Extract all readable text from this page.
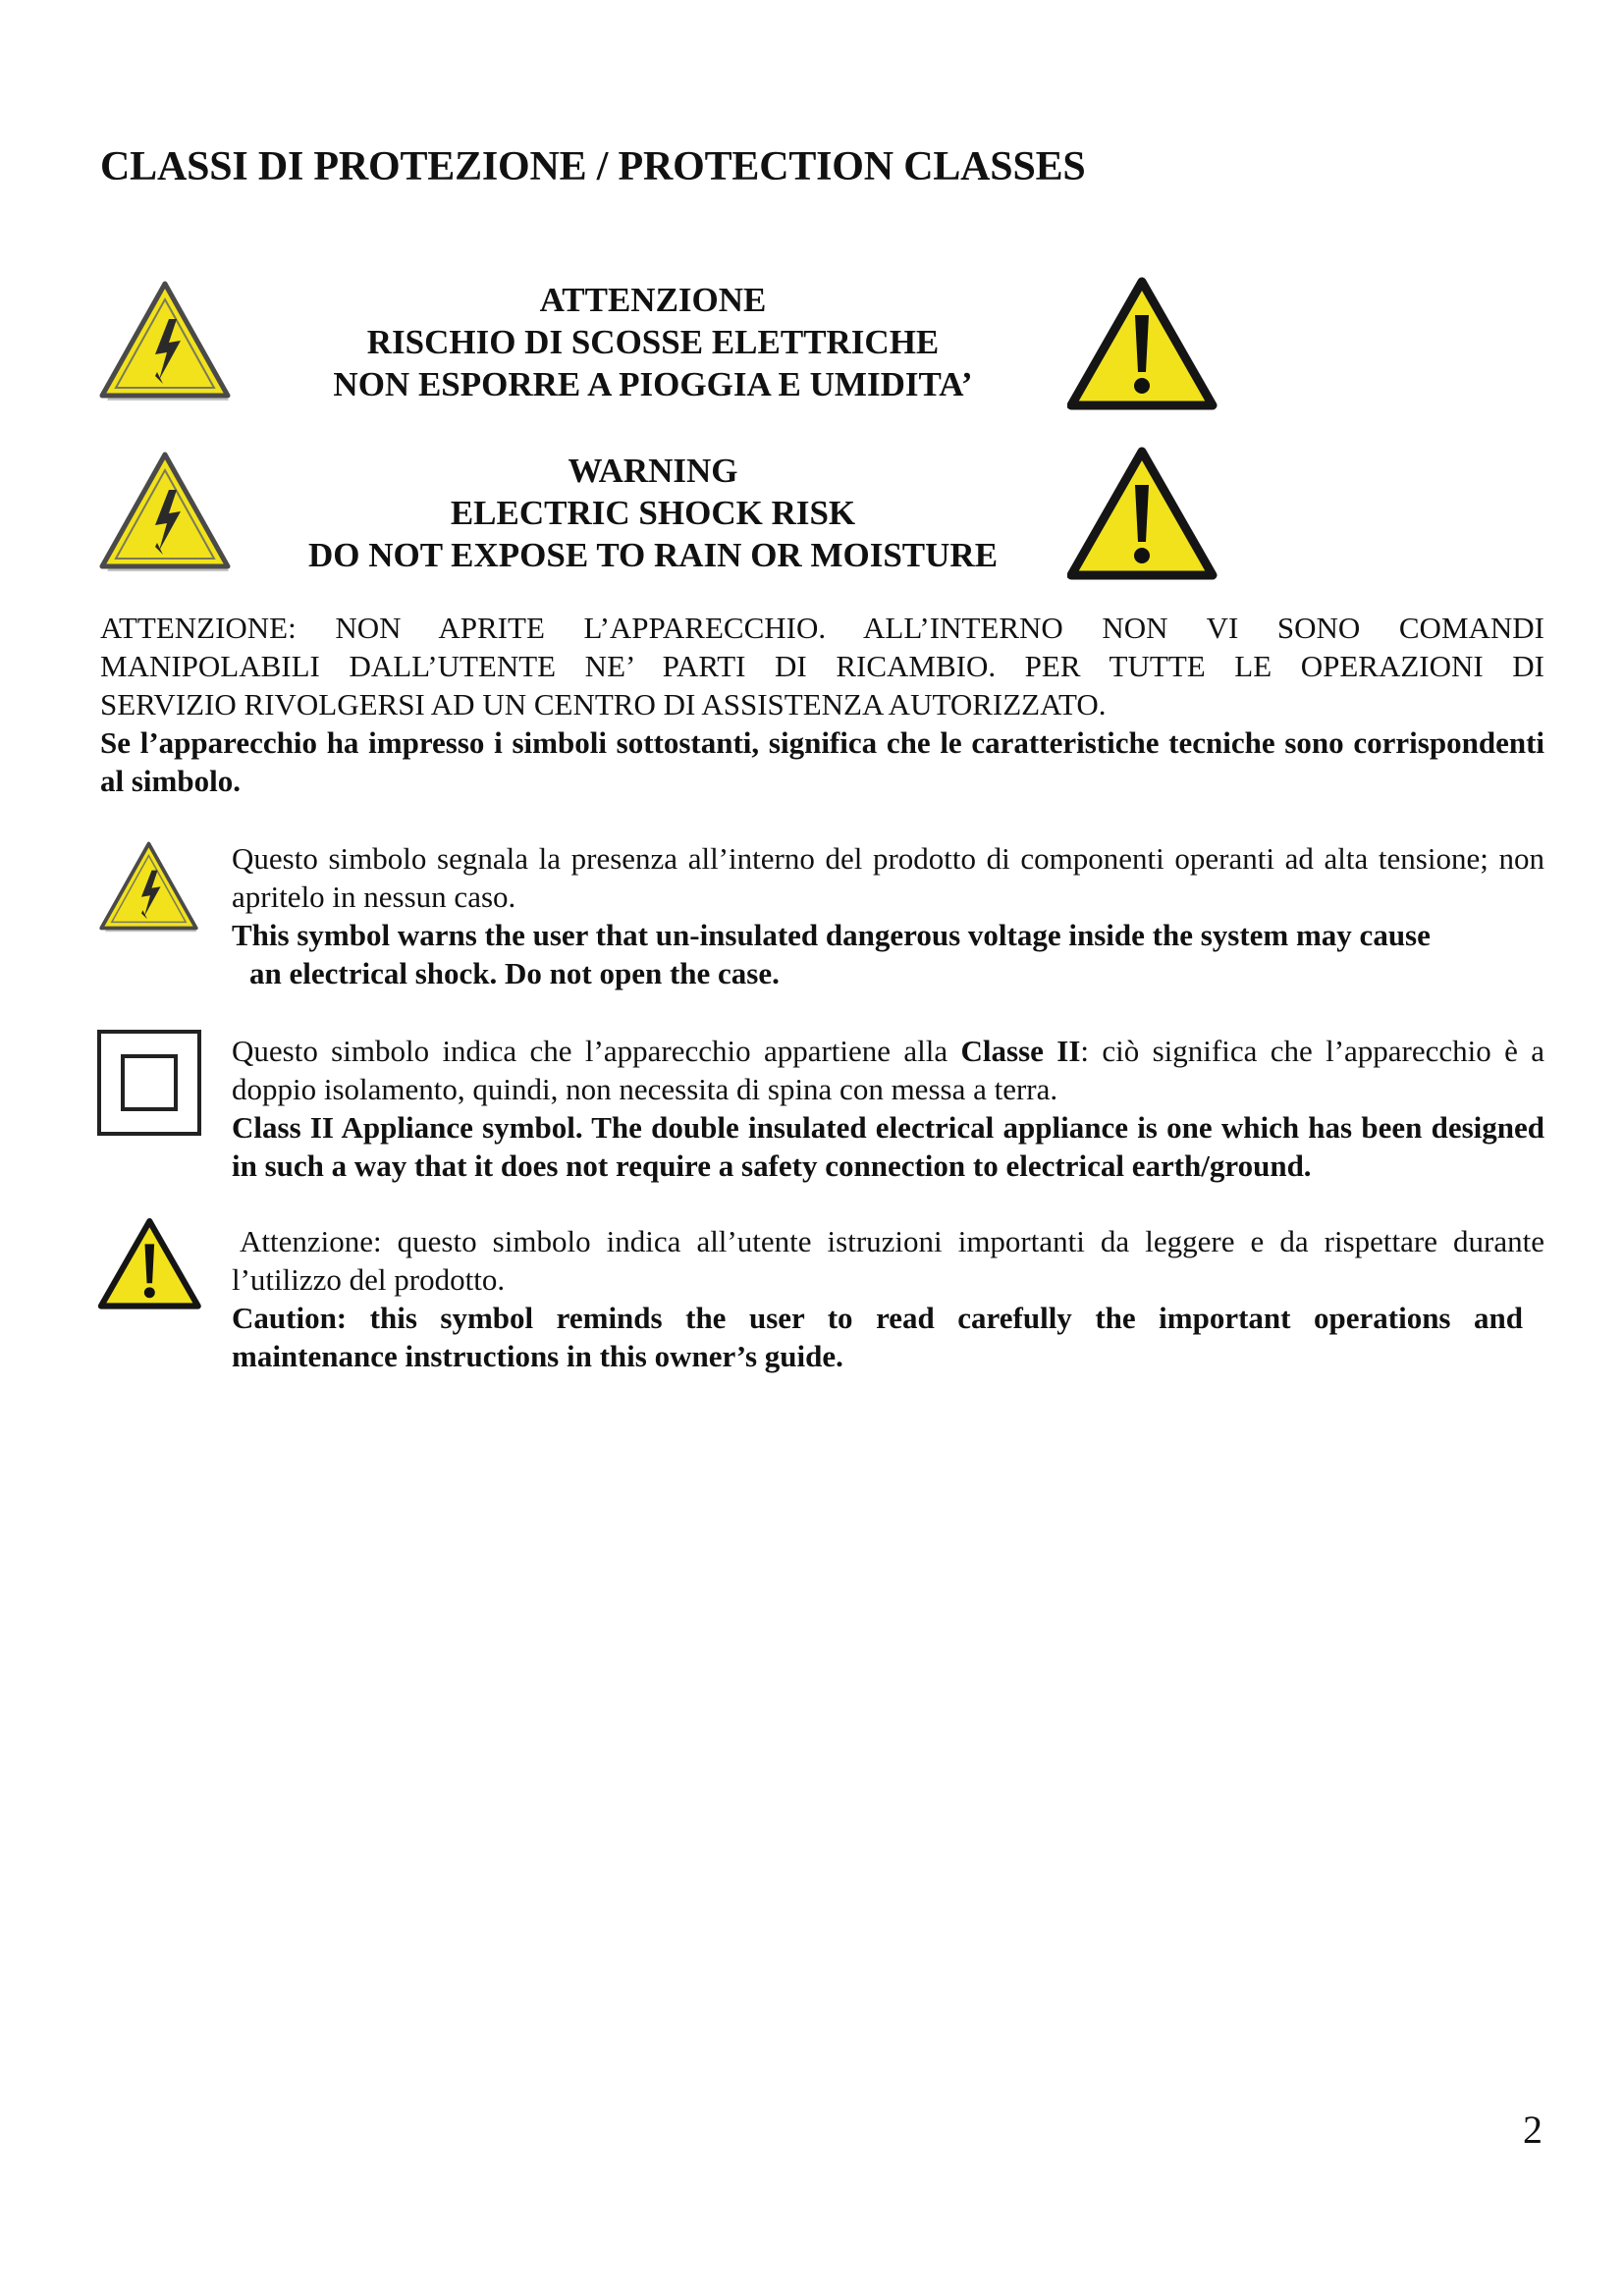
CLASSI DI PROTEZIONE / PROTECTION CLASSES
ATTENZIONE
RISCHIO DI SCOSSE ELETTRICHE
NON ESPORRE A PIOGGIA E UMIDITA’
WARNING
ELECTRIC SHOCK RISK
DO NOT EXPOSE TO RAIN OR MOISTURE
ATTENZIONE: NON APRITE L’APPARECCHIO. ALL’INTERNO NON VI SONO COMANDI
MANIPOLABILI DALL’UTENTE NE’ PARTI DI RICAMBIO. PER TUTTE LE OPERAZIONI DI
SERVIZIO RIVOLGERSI AD UN CENTRO DI ASSISTENZA AUTORIZZATO.
Se l’apparecchio ha impresso i simboli sottostanti, significa che le caratteristiche tecniche sono corrispondenti al simbolo.

Questo simbolo segnala la presenza all’interno del prodotto di componenti operanti ad alta tensione; non apritelo in nessun caso.

This symbol warns the user that un-insulated dangerous voltage inside the system may cause

an electrical shock. Do not open the case.

Questo simbolo indica che l’apparecchio appartiene alla Classe II: ciò significa che l’apparecchio è a doppio isolamento, quindi, non necessita di spina con messa a terra.

Class II Appliance symbol. The double insulated electrical appliance is one which has been designed in such a way that it does not require a safety connection to electrical earth/ground.

Attenzione: questo simbolo indica all’utente istruzioni importanti da leggere e da rispettare durante l’utilizzo del prodotto.

Caution: this symbol reminds the user to read carefully the important operations and

maintenance instructions in this owner’s guide.

2
